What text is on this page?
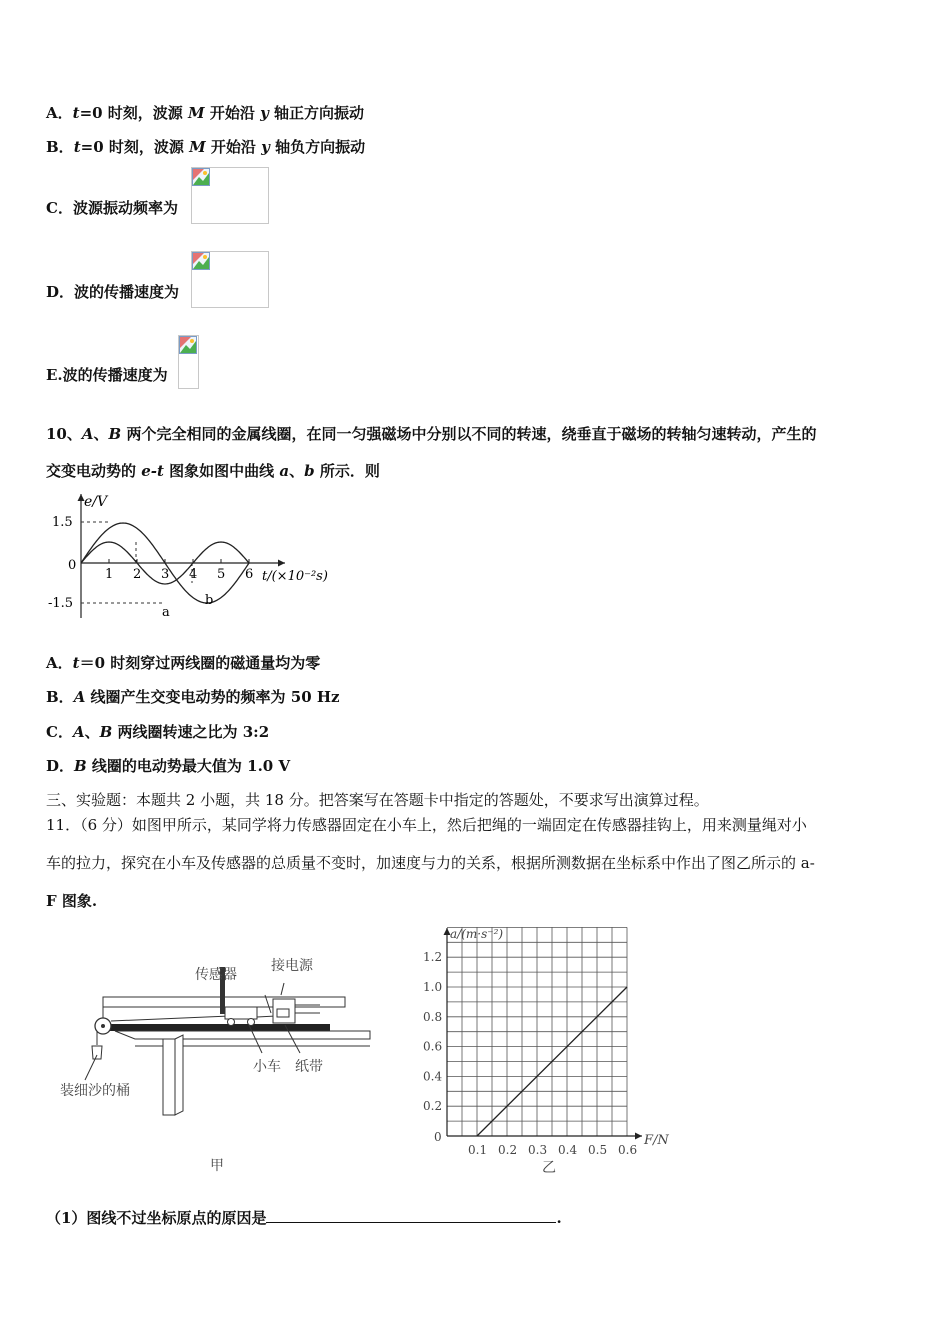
A．t=0 时刻，波源 M 开始沿 y 轴正方向振动
B．t=0 时刻，波源 M 开始沿 y 轴负方向振动
C．波源振动频率为
D．波的传播速度为
E.波的传播速度为
10、A、B 两个完全相同的金属线圈，在同一匀强磁场中分别以不同的转速，绕垂直于磁场的转轴匀速转动，产生的
交变电动势的 e-t 图象如图中曲线 a、b 所示．则
e/V
t/(×10⁻²s)
1.5
0
-1.5
1 2 3 4 5 6
a
b
A．t＝0 时刻穿过两线圈的磁通量均为零
B．A 线圈产生交变电动势的频率为 50 Hz
C．A、B 两线圈转速之比为 3:2
D．B 线圈的电动势最大值为 1.0 V
三、实验题：本题共 2 小题，共 18 分。把答案写在答题卡中指定的答题处，不要求写出演算过程。
11．（6 分）如图甲所示，某同学将力传感器固定在小车上，然后把绳的一端固定在传感器挂钩上，用来测量绳对小
车的拉力，探究在小车及传感器的总质量不变时，加速度与力的关系，根据所测数据在坐标系中作出了图乙所示的 a-
F 图象.
传感器
接电源
小车 纸带
装细沙的桶
甲
a/(m·s⁻²)
F/N
0
1.2
1.0
0.8
0.6
0.4
0.2
0.1 0.2 0.3 0.4 0.5 0.6
乙
（1）图线不过坐标原点的原因是	.
